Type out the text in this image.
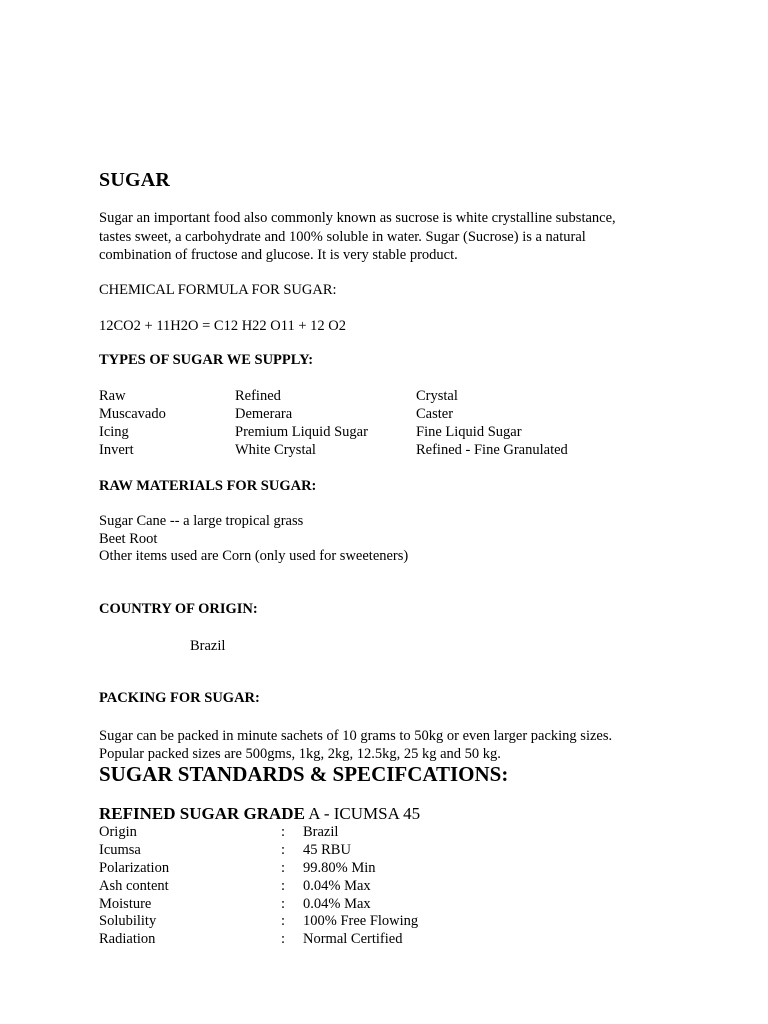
SUGAR
Sugar an important food also commonly known as sucrose is white crystalline substance,
tastes sweet, a carbohydrate and 100% soluble in water. Sugar (Sucrose) is a natural
combination of fructose and glucose. It is very stable product.
CHEMICAL FORMULA FOR SUGAR:
12CO2 + 11H2O = C12 H22 O11 + 12 O2
TYPES OF SUGAR WE SUPPLY:
Raw	Refined	Crystal
Muscavado	Demerara	Caster
Icing	Premium Liquid Sugar	Fine Liquid Sugar
Invert	White Crystal	Refined - Fine Granulated
RAW MATERIALS FOR SUGAR:
Sugar Cane -- a large tropical grass
Beet Root
Other items used are Corn (only used for sweeteners)
COUNTRY OF ORIGIN:
Brazil
PACKING FOR SUGAR:
Sugar can be packed in minute sachets of 10 grams to 50kg or even larger packing sizes.
Popular packed sizes are 500gms, 1kg, 2kg, 12.5kg, 25 kg and 50 kg.
SUGAR STANDARDS & SPECIFCATIONS:
REFINED SUGAR GRADE A - ICUMSA 45
Origin	: Brazil
Icumsa	: 45 RBU
Polarization	: 99.80% Min
Ash content	: 0.04% Max
Moisture	: 0.04% Max
Solubility	: 100% Free Flowing
Radiation	: Normal Certified
